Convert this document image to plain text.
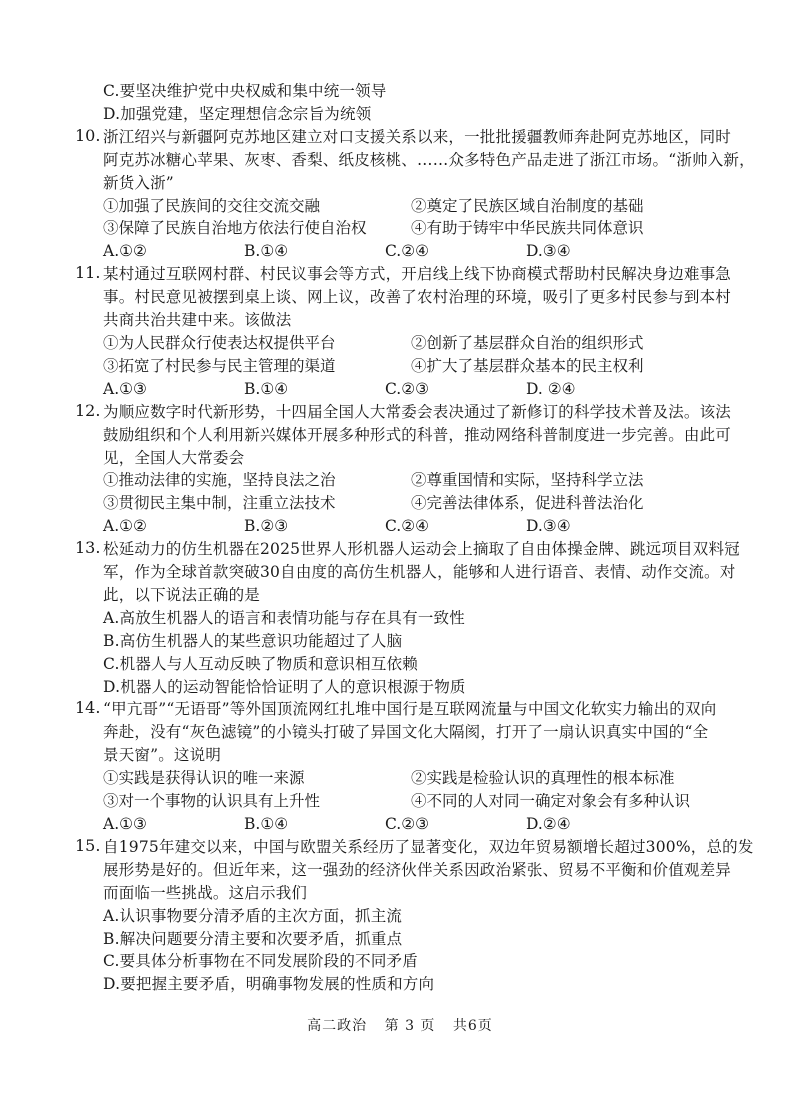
C.要坚决维护党中央权威和集中统一领导
D.加强党建，坚定理想信念宗旨为统领
10. 浙江绍兴与新疆阿克苏地区建立对口支援关系以来，一批批援疆教师奔赴阿克苏地区，同时
阿克苏冰糖心苹果、灰枣、香梨、纸皮核桃、……众多特色产品走进了浙江市场。“浙帅入新，
新货入浙”
①加强了民族间的交往交流交融	②奠定了民族区域自治制度的基础
③保障了民族自治地方依法行使自治权	④有助于铸牢中华民族共同体意识
A.①②	B.①④	C.②④	D.③④
11. 某村通过互联网村群、村民议事会等方式，开启线上线下协商模式帮助村民解决身边难事急
事。村民意见被摆到桌上谈、网上议，改善了农村治理的环境，吸引了更多村民参与到本村
共商共治共建中来。该做法
①为人民群众行使表达权提供平台	②创新了基层群众自治的组织形式
③拓宽了村民参与民主管理的渠道	④扩大了基层群众基本的民主权利
A.①③	B.①④	C.②③	D. ②④
12. 为顺应数字时代新形势，十四届全国人大常委会表决通过了新修订的科学技术普及法。该法
鼓励组织和个人利用新兴媒体开展多种形式的科普，推动网络科普制度进一步完善。由此可
见，全国人大常委会
①推动法律的实施，坚持良法之治	②尊重国情和实际，坚持科学立法
③贯彻民主集中制，注重立法技术	④完善法律体系，促进科普法治化
A.①②	B.②③	C.②④	D.③④
13. 松延动力的仿生机器在2025世界人形机器人运动会上摘取了自由体操金牌、跳远项目双料冠
军，作为全球首款突破30自由度的高仿生机器人，能够和人进行语音、表情、动作交流。对
此，以下说法正确的是
A.高放生机器人的语言和表情功能与存在具有一致性
B.高仿生机器人的某些意识功能超过了人脑
C.机器人与人互动反映了物质和意识相互依赖
D.机器人的运动智能恰恰证明了人的意识根源于物质
14. “甲亢哥”“无语哥”等外国顶流网红扎堆中国行是互联网流量与中国文化软实力输出的双向
奔赴，没有“灰色滤镜”的小镜头打破了异国文化大隔阂，打开了一扇认识真实中国的“全
景天窗”。这说明
①实践是获得认识的唯一来源	②实践是检验认识的真理性的根本标准
③对一个事物的认识具有上升性	④不同的人对同一确定对象会有多种认识
A.①③	B.①④	C.②③	D.②④
15. 自1975年建交以来，中国与欧盟关系经历了显著变化，双边年贸易额增长超过300%，总的发
展形势是好的。但近年来，这一强劲的经济伙伴关系因政治紧张、贸易不平衡和价值观差异
而面临一些挑战。这启示我们
A.认识事物要分清矛盾的主次方面，抓主流
B.解决问题要分清主要和次要矛盾，抓重点
C.要具体分析事物在不同发展阶段的不同矛盾
D.要把握主要矛盾，明确事物发展的性质和方向
高二政治 第 3 页 共6页
